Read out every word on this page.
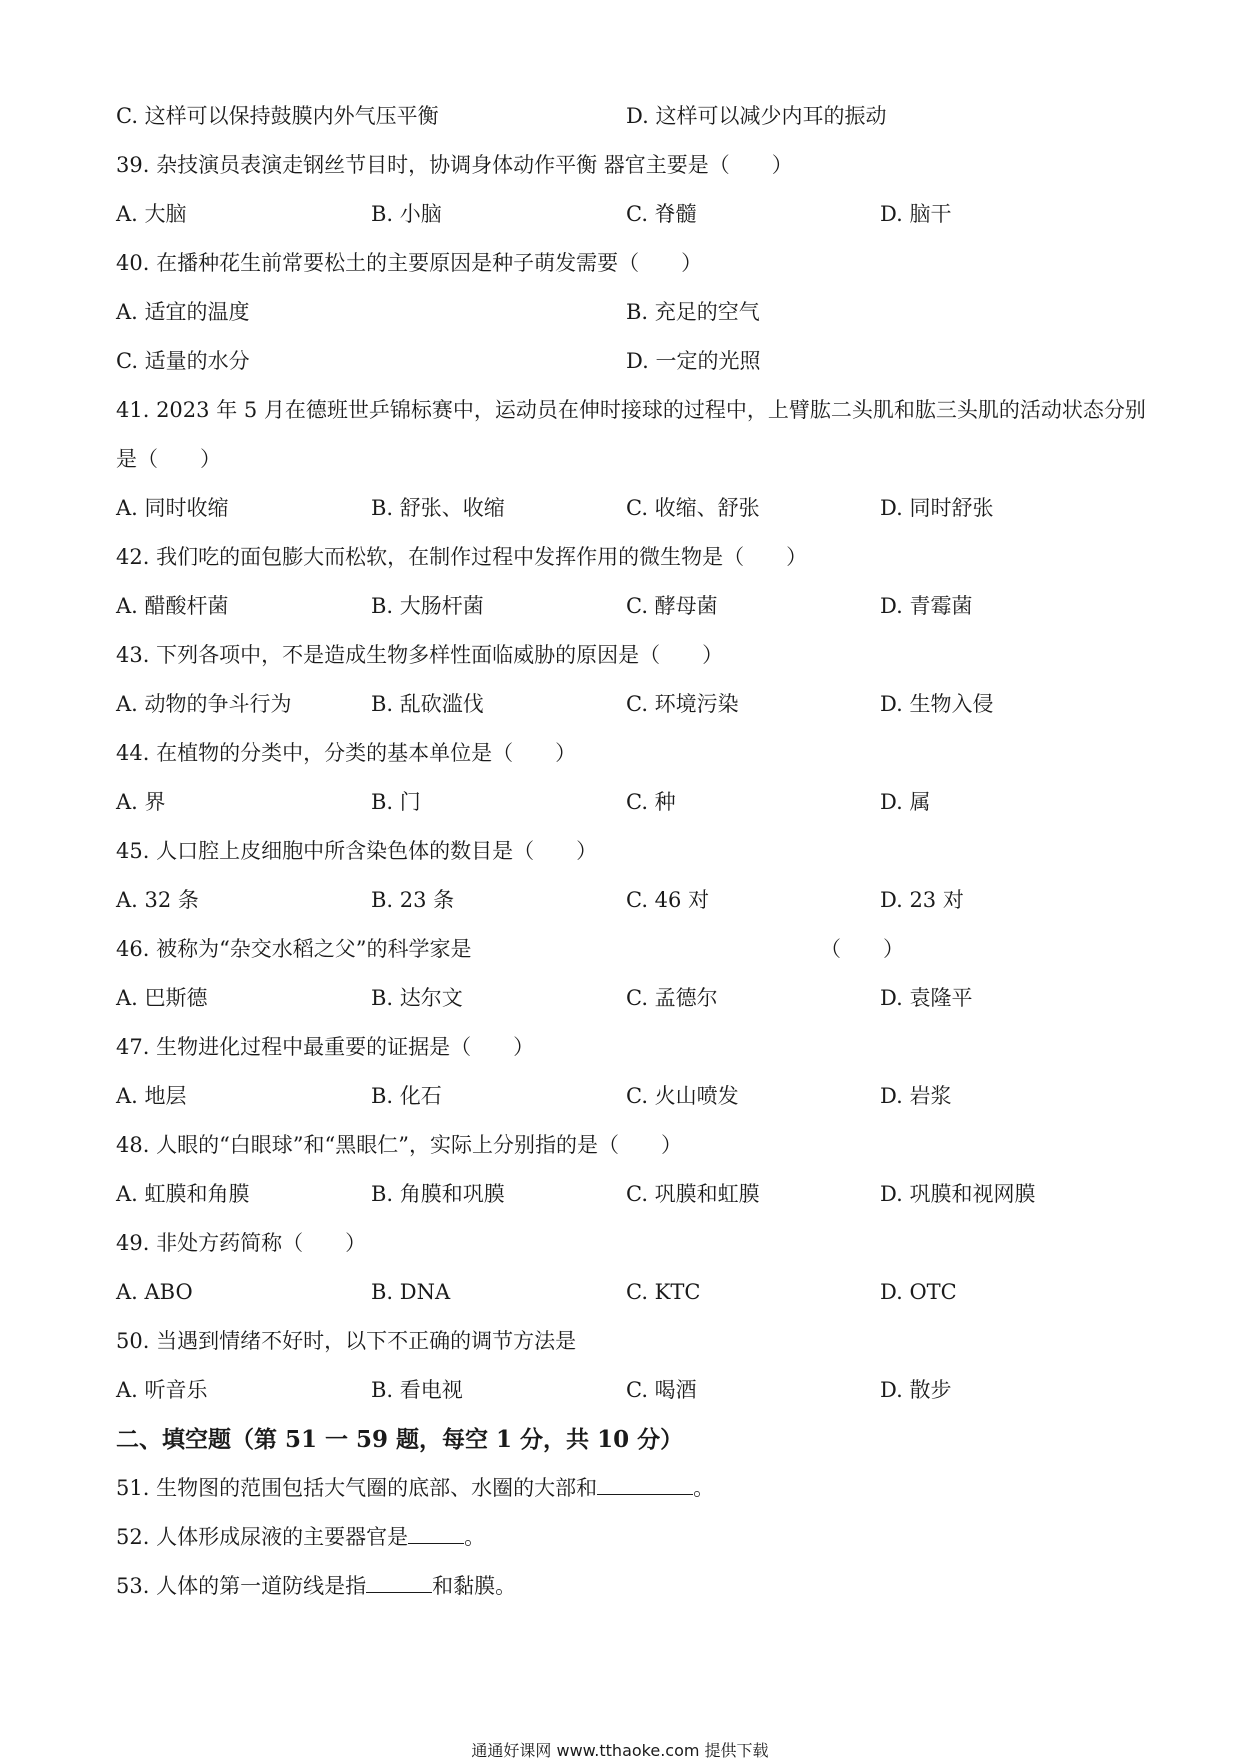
C. 这样可以保持鼓膜内外气压平衡	D. 这样可以减少内耳的振动
39. 杂技演员表演走钢丝节目时，协调身体动作平衡 器官主要是（　　）
A. 大脑	B. 小脑	C. 脊髓	D. 脑干
40. 在播种花生前常要松土的主要原因是种子萌发需要（　　）
A. 适宜的温度	B. 充足的空气
C. 适量的水分	D. 一定的光照
41. 2023 年 5 月在德班世乒锦标赛中，运动员在伸时接球的过程中，上臂肱二头肌和肱三头肌的活动状态分别是（　　）
A. 同时收缩	B. 舒张、收缩	C. 收缩、舒张	D. 同时舒张
42. 我们吃的面包膨大而松软，在制作过程中发挥作用的微生物是（　　）
A. 醋酸杆菌	B. 大肠杆菌	C. 酵母菌	D. 青霉菌
43. 下列各项中，不是造成生物多样性面临威胁的原因是（　　）
A. 动物的争斗行为	B. 乱砍滥伐	C. 环境污染	D. 生物入侵
44. 在植物的分类中，分类的基本单位是（　　）
A. 界	B. 门	C. 种	D. 属
45. 人口腔上皮细胞中所含染色体的数目是（　　）
A. 32 条	B. 23 条	C. 46 对	D. 23 对
46. 被称为“杂交水稻之父”的科学家是	（　　）
A. 巴斯德	B. 达尔文	C. 孟德尔	D. 袁隆平
47. 生物进化过程中最重要的证据是（　　）
A. 地层	B. 化石	C. 火山喷发	D. 岩浆
48. 人眼的“白眼球”和“黑眼仁”，实际上分别指的是（　　）
A. 虹膜和角膜	B. 角膜和巩膜	C. 巩膜和虹膜	D. 巩膜和视网膜
49. 非处方药简称（　　）
A. ABO	B. DNA	C. KTC	D. OTC
50. 当遇到情绪不好时，以下不正确的调节方法是
A. 听音乐	B. 看电视	C. 喝酒	D. 散步
二、填空题（第 51 一 59 题，每空 1 分，共 10 分）
51. 生物图的范围包括大气圈的底部、水圈的大部和	。
52. 人体形成尿液的主要器官是	。
53. 人体的第一道防线是指	和黏膜。
通通好课网 www.tthaoke.com 提供下载
